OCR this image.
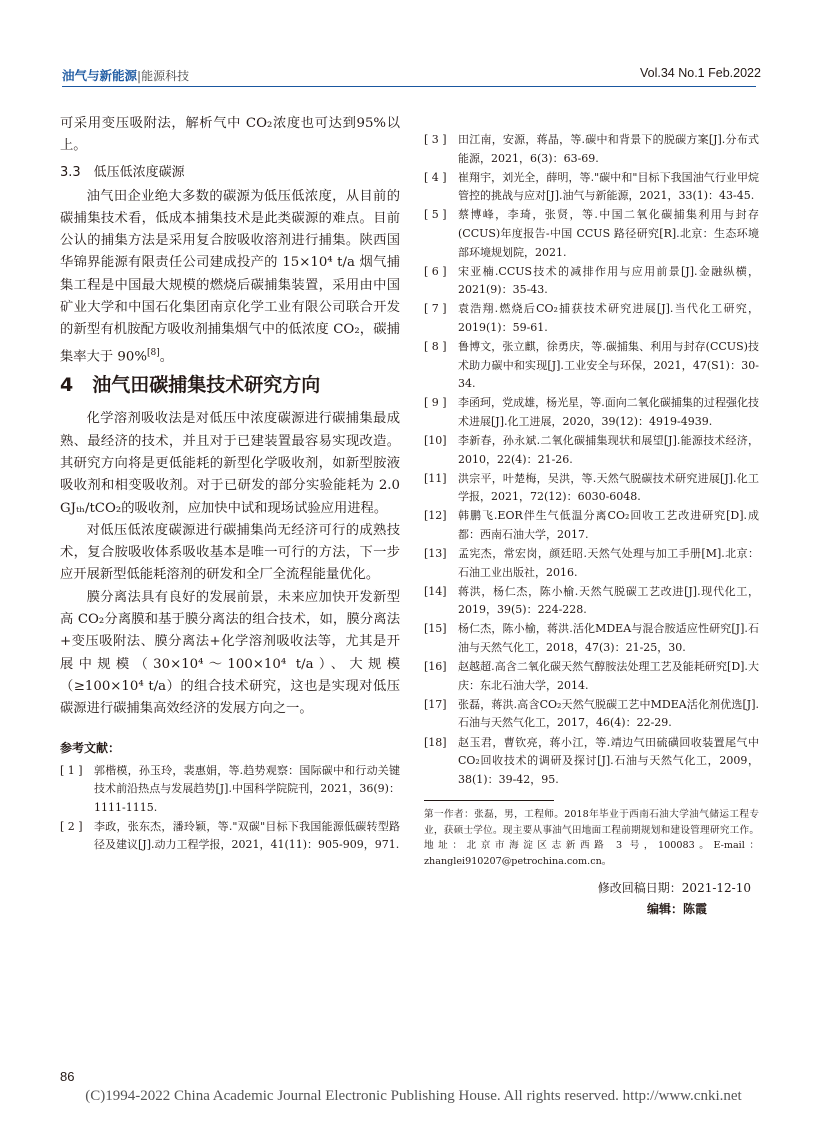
油气与新能源|能源科技	Vol.34 No.1 Feb.2022

可采用变压吸附法，解析气中 CO₂浓度也可达到95%以上。

3.3　低压低浓度碳源

油气田企业绝大多数的碳源为低压低浓度，从目前的碳捕集技术看，低成本捕集技术是此类碳源的难点。目前公认的捕集方法是采用复合胺吸收溶剂进行捕集。陕西国华锦界能源有限责任公司建成投产的 15×10⁴ t/a 烟气捕集工程是中国最大规模的燃烧后碳捕集装置，采用由中国矿业大学和中国石化集团南京化学工业有限公司联合开发的新型有机胺配方吸收剂捕集烟气中的低浓度 CO₂，碳捕集率大于 90%[8]。

4　油气田碳捕集技术研究方向

化学溶剂吸收法是对低压中浓度碳源进行碳捕集最成熟、最经济的技术，并且对于已建装置最容易实现改造。其研究方向将是更低能耗的新型化学吸收剂，如新型胺液吸收剂和相变吸收剂。对于已研发的部分实验能耗为 2.0 GJₜₕ/tCO₂的吸收剂，应加快中试和现场试验应用进程。

对低压低浓度碳源进行碳捕集尚无经济可行的成熟技术，复合胺吸收体系吸收基本是唯一可行的方法，下一步应开展新型低能耗溶剂的研发和全厂全流程能量优化。

膜分离法具有良好的发展前景，未来应加快开发新型高 CO₂分离膜和基于膜分离法的组合技术，如，膜分离法+变压吸附法、膜分离法+化学溶剂吸收法等，尤其是开展中规模（30×10⁴～100×10⁴ t/a）、大规模（≥100×10⁴ t/a）的组合技术研究，这也是实现对低压碳源进行碳捕集高效经济的发展方向之一。

参考文献：
[ 1 ]	郭楷模，孙玉玲，裴惠娟，等.趋势观察：国际碳中和行动关键技术前沿热点与发展趋势[J].中国科学院院刊，2021，36(9)：1111-1115.
[ 2 ]	李政，张东杰，潘玲颖，等."双碳"目标下我国能源低碳转型路径及建议[J].动力工程学报，2021，41(11)：905-909，971.
[ 3 ]	田江南，安源，蒋晶，等.碳中和背景下的脱碳方案[J].分布式能源，2021，6(3)：63-69.
[ 4 ]	崔翔宇，刘光全，薛明，等."碳中和"目标下我国油气行业甲烷管控的挑战与应对[J].油气与新能源，2021，33(1)：43-45.
[ 5 ]	蔡博峰，李琦，张贤，等.中国二氧化碳捕集利用与封存(CCUS)年度报告-中国 CCUS 路径研究[R].北京：生态环境部环境规划院，2021.
[ 6 ]	宋亚楠.CCUS技术的减排作用与应用前景[J].金融纵横，2021(9)：35-43.
[ 7 ]	袁浩翔.燃烧后CO₂捕获技术研究进展[J].当代化工研究，2019(1)：59-61.
[ 8 ]	鲁博文，张立麒，徐勇庆，等.碳捕集、利用与封存(CCUS)技术助力碳中和实现[J].工业安全与环保，2021，47(S1)：30-34.
[ 9 ]	李函珂，党成雄，杨光星，等.面向二氧化碳捕集的过程强化技术进展[J].化工进展，2020，39(12)：4919-4939.
[10]	李新春，孙永斌.二氧化碳捕集现状和展望[J].能源技术经济，2010，22(4)：21-26.
[11]	洪宗平，叶楚梅，吴洪，等.天然气脱碳技术研究进展[J].化工学报，2021，72(12)：6030-6048.
[12]	韩鹏飞.EOR伴生气低温分离CO₂回收工艺改进研究[D].成都：西南石油大学，2017.
[13]	孟宪杰，常宏岗，颜廷昭.天然气处理与加工手册[M].北京：石油工业出版社，2016.
[14]	蒋洪，杨仁杰，陈小榆.天然气脱碳工艺改进[J].现代化工，2019，39(5)：224-228.
[15]	杨仁杰，陈小榆，蒋洪.活化MDEA与混合胺适应性研究[J].石油与天然气化工，2018，47(3)：21-25，30.
[16]	赵越超.高含二氧化碳天然气醇胺法处理工艺及能耗研究[D].大庆：东北石油大学，2014.
[17]	张磊，蒋洪.高含CO₂天然气脱碳工艺中MDEA活化剂优选[J].石油与天然气化工，2017，46(4)：22-29.
[18]	赵玉君，曹钦亮，蒋小江，等.靖边气田硫磺回收装置尾气中CO₂回收技术的调研及探讨[J].石油与天然气化工，2009，38(1)：39-42，95.

第一作者：张磊，男，工程师。2018年毕业于西南石油大学油气储运工程专业，获硕士学位。现主要从事油气田地面工程前期规划和建设管理研究工作。地址：北京市海淀区志新西路 3 号，100083。E-mail：zhanglei910207@petrochina.com.cn。

修改回稿日期：2021-12-10
编辑：陈霞
86
(C)1994-2022 China Academic Journal Electronic Publishing House. All rights reserved. http://www.cnki.net
